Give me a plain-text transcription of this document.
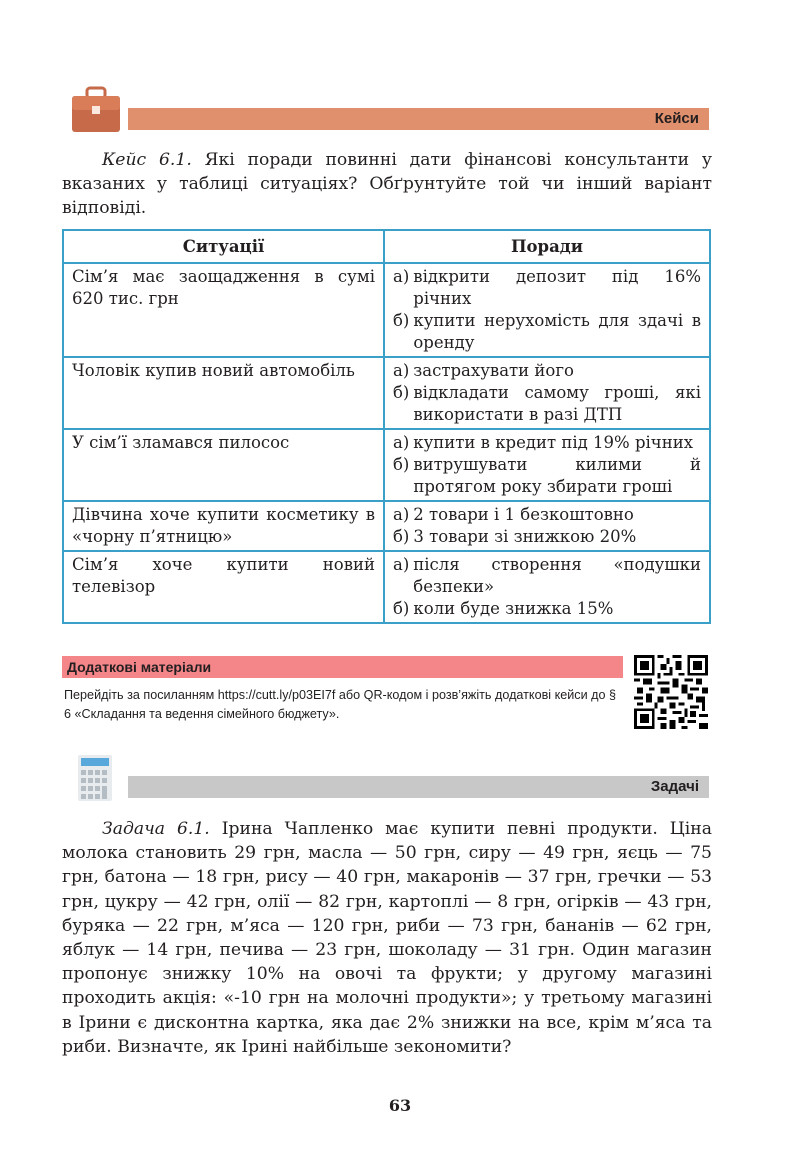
Кейси
Кейс 6.1. Які поради повинні дати фінансові консультанти у вказаних у таблиці ситуаціях? Обґрунтуйте той чи інший варіант відповіді.
Ситуації	Поради
Сім’я має заощадження в сумі 620 тис. грн	а) відкрити депозит під 16% річних
б) купити нерухомість для здачі в оренду

Чоловік купив новий автомобіль	а) застрахувати його
б) відкладати самому гроші, які використати в разі ДТП

У сім’ї зламався пилосос	а) купити в кредит під 19% річних
б) витрушувати килими й протягом року збирати гроші

Дівчина хоче купити косметику в «чорну п’ятницю»	а) 2 товари і 1 безкоштовно
б) 3 товари зі знижкою 20%

Сім’я хоче купити новий телевізор	а) після створення «подушки безпеки»
б) коли буде знижка 15%
Додаткові матеріали
Перейдіть за посиланням https://cutt.ly/p03EI7f або QR-кодом і розв’яжіть додаткові кейси до § 6 «Складання та ведення сімейного бюджету».
Задачі
Задача 6.1. Ірина Чапленко має купити певні продукти. Ціна молока становить 29 грн, масла — 50 грн, сиру — 49 грн, яєць — 75 грн, батона — 18 грн, рису — 40 грн, макаронів — 37 грн, гречки — 53 грн, цукру — 42 грн, олії — 82 грн, картоплі — 8 грн, огірків — 43 грн, буряка — 22 грн, м’яса — 120 грн, риби — 73 грн, бананів — 62 грн, яблук — 14 грн, печива — 23 грн, шоколаду — 31 грн. Один магазин пропонує знижку 10% на овочі та фрукти; у другому магазині проходить акція: «-10 грн на молочні продукти»; у третьому магазині в Ірини є дисконтна картка, яка дає 2% знижки на все, крім м’яса та риби. Визначте, як Ірині найбільше зекономити?
63
